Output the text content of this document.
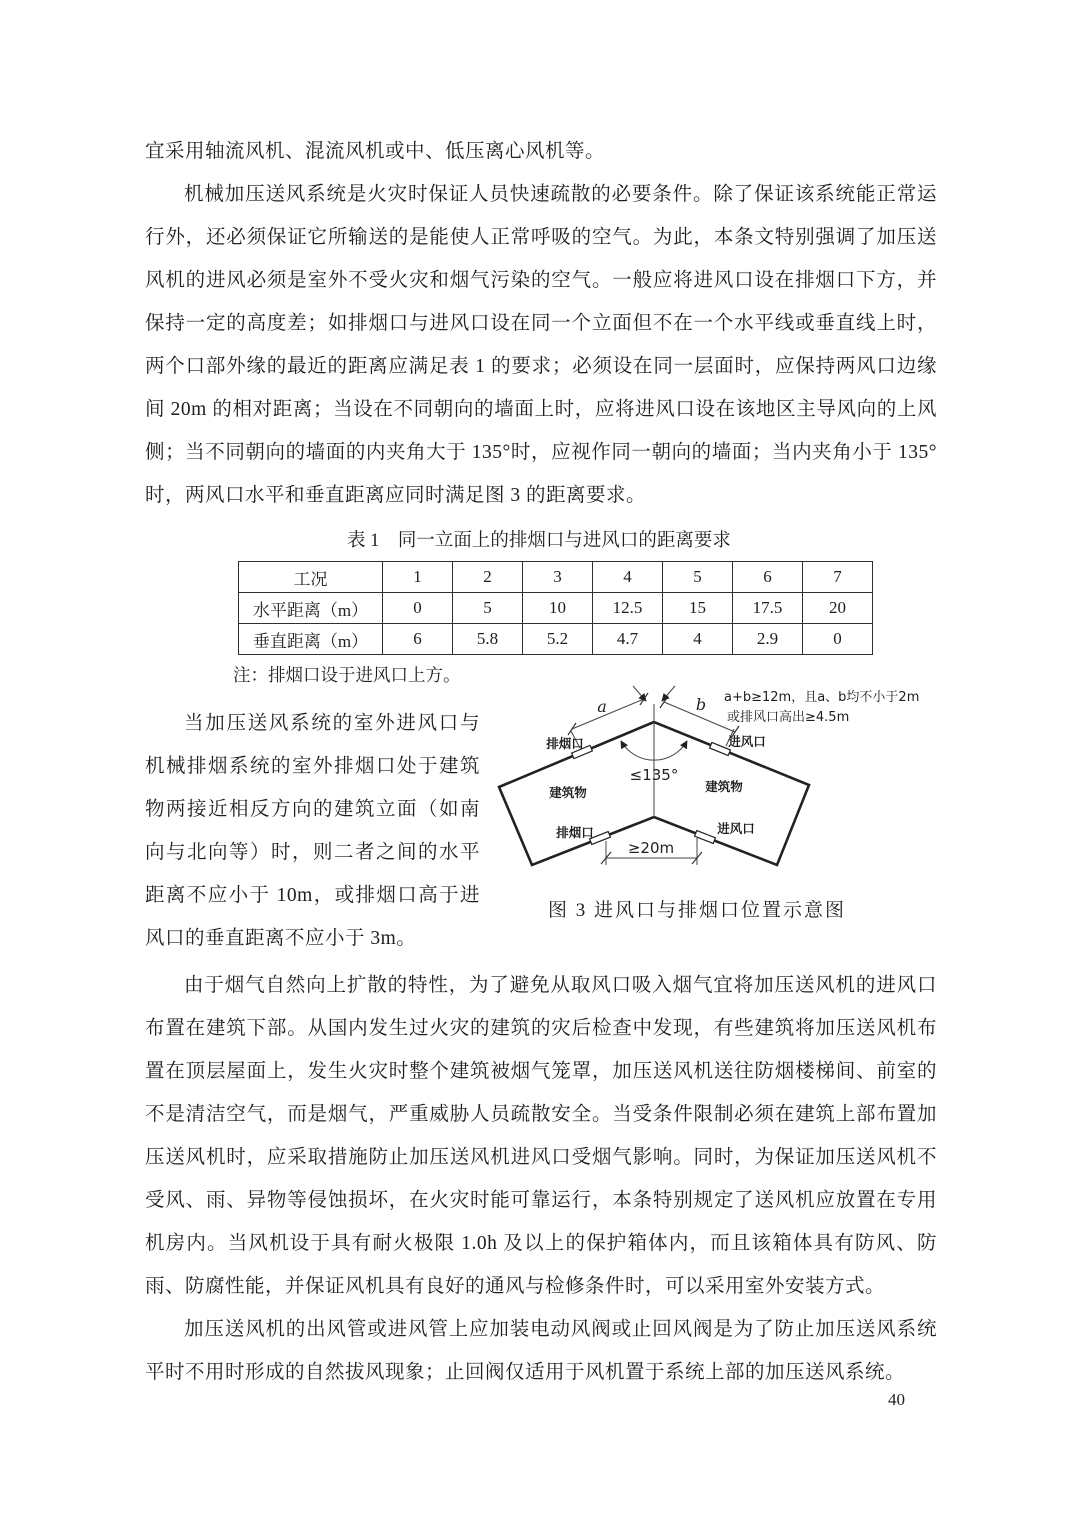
宜采用轴流风机、混流风机或中、低压离心风机等。

机械加压送风系统是火灾时保证人员快速疏散的必要条件。除了保证该系统能正常运行外，还必须保证它所输送的是能使人正常呼吸的空气。为此，本条文特别强调了加压送风机的进风必须是室外不受火灾和烟气污染的空气。一般应将进风口设在排烟口下方，并保持一定的高度差；如排烟口与进风口设在同一个立面但不在一个水平线或垂直线上时，两个口部外缘的最近的距离应满足表 1 的要求；必须设在同一层面时，应保持两风口边缘间 20m 的相对距离；当设在不同朝向的墙面上时，应将进风口设在该地区主导风向的上风侧；当不同朝向的墙面的内夹角大于 135°时，应视作同一朝向的墙面；当内夹角小于 135°时，两风口水平和垂直距离应同时满足图 3 的距离要求。

表 1　同一立面上的排烟口与进风口的距离要求
工况	1	2	3	4	5	6	7
水平距离（m）	0	5	10	12.5	15	17.5	20
垂直距离（m）	6	5.8	5.2	4.7	4	2.9	0
注：排烟口设于进风口上方。

当加压送风系统的室外进风口与机械排烟系统的室外排烟口处于建筑物两接近相反方向的建筑立面（如南向与北向等）时，则二者之间的水平距离不应小于 10m，或排烟口高于进风口的垂直距离不应小于 3m。

≤135°
a	b
排烟口	进风口
建筑物	建筑物
排烟口	进风口
≥20m
a+b≥12m，且a、b均不小于2m
或排风口高出≥4.5m
图 3 进风口与排烟口位置示意图

由于烟气自然向上扩散的特性，为了避免从取风口吸入烟气宜将加压送风机的进风口布置在建筑下部。从国内发生过火灾的建筑的灾后检查中发现，有些建筑将加压送风机布置在顶层屋面上，发生火灾时整个建筑被烟气笼罩，加压送风机送往防烟楼梯间、前室的不是清洁空气，而是烟气，严重威胁人员疏散安全。当受条件限制必须在建筑上部布置加压送风机时，应采取措施防止加压送风机进风口受烟气影响。同时，为保证加压送风机不受风、雨、异物等侵蚀损坏，在火灾时能可靠运行，本条特别规定了送风机应放置在专用机房内。当风机设于具有耐火极限 1.0h 及以上的保护箱体内，而且该箱体具有防风、防雨、防腐性能，并保证风机具有良好的通风与检修条件时，可以采用室外安装方式。

加压送风机的出风管或进风管上应加装电动风阀或止回风阀是为了防止加压送风系统平时不用时形成的自然拔风现象；止回阀仅适用于风机置于系统上部的加压送风系统。

40
